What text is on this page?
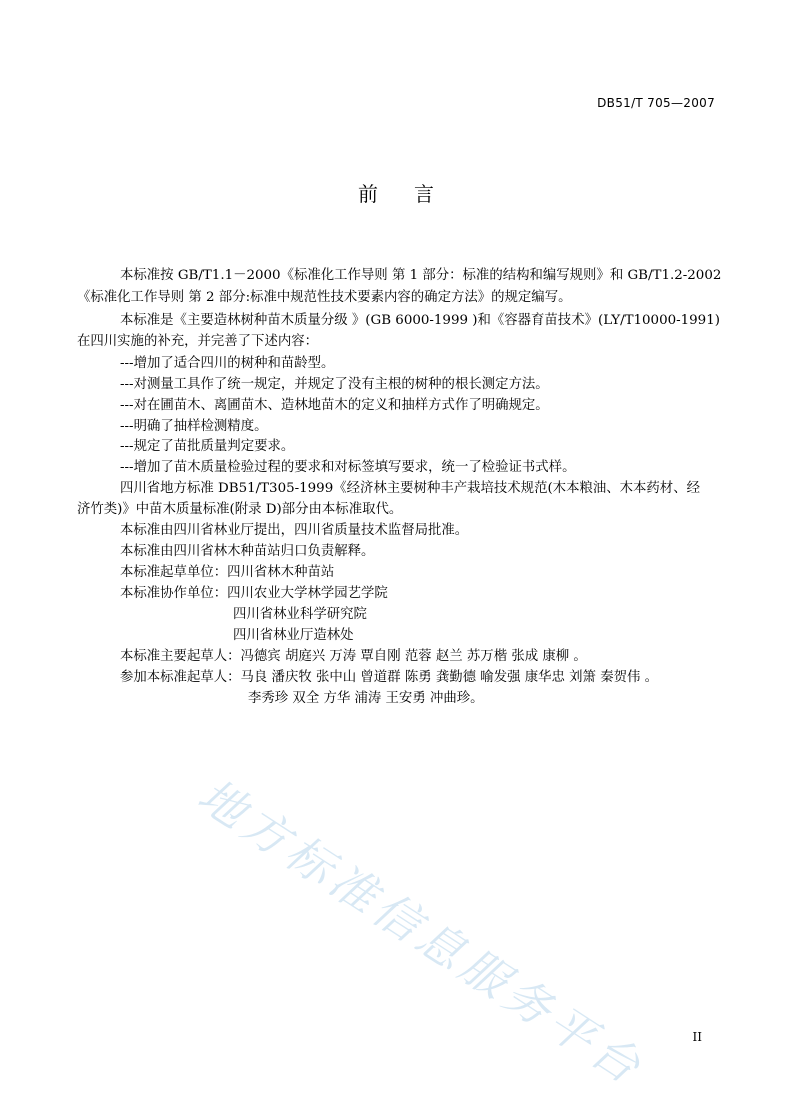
DB51/T 705—2007
前言
本标准按 GB/T1.1－2000《标准化工作导则 第 1 部分：标准的结构和编写规则》和 GB/T1.2-2002
《标准化工作导则 第 2 部分:标准中规范性技术要素内容的确定方法》的规定编写。
本标准是《主要造林树种苗木质量分级 》(GB 6000-1999 )和《容器育苗技术》(LY/T10000-1991)
在四川实施的补充，并完善了下述内容：
---增加了适合四川的树种和苗龄型。
---对测量工具作了统一规定，并规定了没有主根的树种的根长测定方法。
---对在圃苗木、离圃苗木、造林地苗木的定义和抽样方式作了明确规定。
---明确了抽样检测精度。
---规定了苗批质量判定要求。
---增加了苗木质量检验过程的要求和对标签填写要求，统一了检验证书式样。
四川省地方标准 DB51/T305-1999《经济林主要树种丰产栽培技术规范(木本粮油、木本药材、经
济竹类)》中苗木质量标准(附录 D)部分由本标准取代。
本标准由四川省林业厅提出，四川省质量技术监督局批准。
本标准由四川省林木种苗站归口负责解释。
本标准起草单位：四川省林木种苗站
本标准协作单位：四川农业大学林学园艺学院
四川省林业科学研究院
四川省林业厅造林处
本标准主要起草人：冯德宾 胡庭兴 万涛 覃自刚 范蓉 赵兰 苏万楷 张成 康柳 。
参加本标准起草人：马良 潘庆牧 张中山 曾道群 陈勇 龚勤德 喻发强 康华忠 刘箫 秦贺伟 。
李秀珍 双全 方华 浦涛 王安勇 冲曲珍。
地方标准信息服务平台	II
